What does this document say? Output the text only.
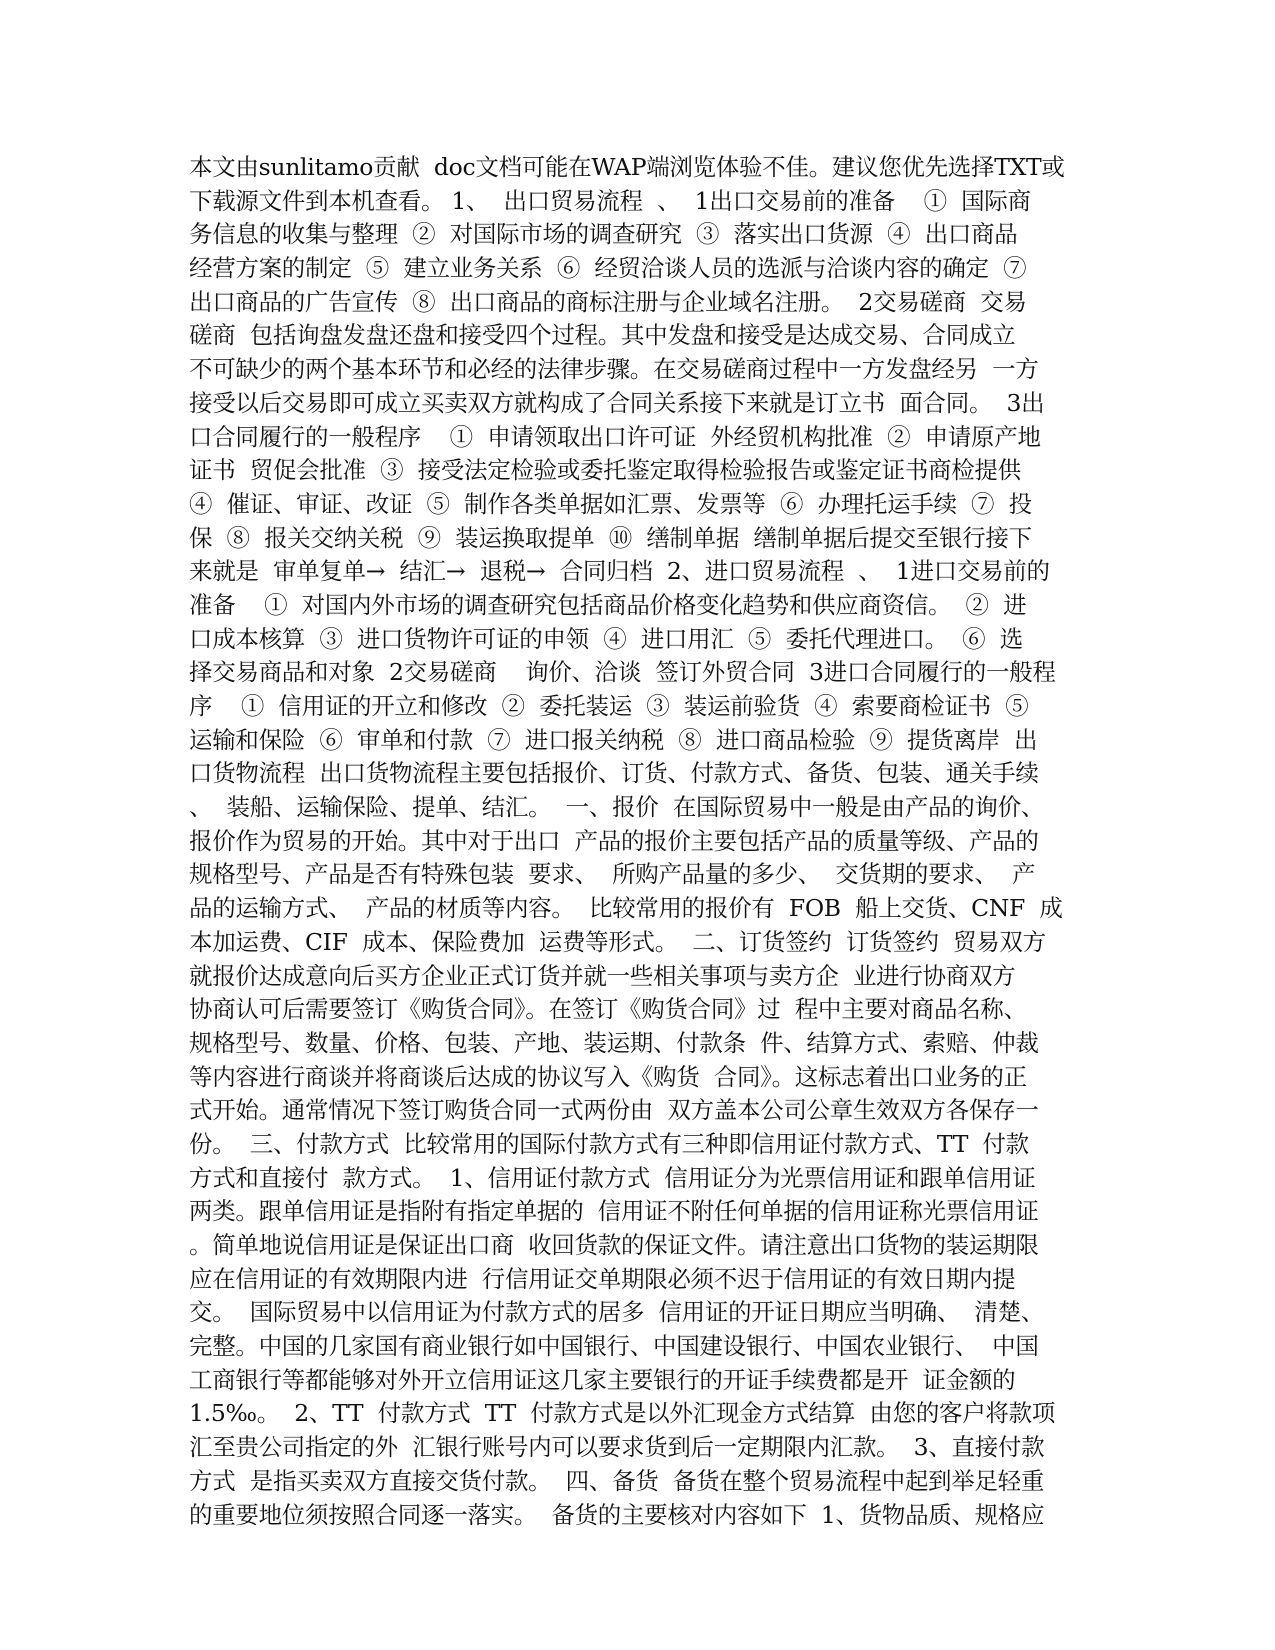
本文由sunlitamo贡献  doc文档可能在WAP端浏览体验不佳。建议您优先选择TXT或
下载源文件到本机查看。 1、  出口贸易流程  、  1出口交易前的准备    ①  国际商
务信息的收集与整理  ②  对国际市场的调查研究  ③  落实出口货源  ④  出口商品
经营方案的制定  ⑤  建立业务关系  ⑥  经贸洽谈人员的选派与洽谈内容的确定  ⑦
出口商品的广告宣传  ⑧  出口商品的商标注册与企业域名注册。  2交易磋商  交易
磋商  包括询盘发盘还盘和接受四个过程。其中发盘和接受是达成交易、合同成立
不可缺少的两个基本环节和必经的法律步骤。在交易磋商过程中一方发盘经另  一方
接受以后交易即可成立买卖双方就构成了合同关系接下来就是订立书  面合同。  3出
口合同履行的一般程序    ①  申请领取出口许可证  外经贸机构批准  ②  申请原产地
证书  贸促会批准  ③  接受法定检验或委托鉴定取得检验报告或鉴定证书商检提供
④  催证、审证、改证  ⑤  制作各类单据如汇票、发票等  ⑥  办理托运手续  ⑦  投
保  ⑧  报关交纳关税  ⑨  装运换取提单  ⑩  缮制单据  缮制单据后提交至银行接下
来就是  审单复单→  结汇→  退税→  合同归档  2、进口贸易流程  、  1进口交易前的
准备    ①  对国内外市场的调查研究包括商品价格变化趋势和供应商资信。  ②  进
口成本核算  ③  进口货物许可证的申领  ④  进口用汇  ⑤  委托代理进口。  ⑥  选
择交易商品和对象  2交易磋商    询价、洽谈  签订外贸合同  3进口合同履行的一般程
序    ①  信用证的开立和修改  ②  委托装运  ③  装运前验货  ④  索要商检证书  ⑤
运输和保险  ⑥  审单和付款  ⑦  进口报关纳税  ⑧  进口商品检验  ⑨  提货离岸  出
口货物流程  出口货物流程主要包括报价、订货、付款方式、备货、包装、通关手续
、  装船、运输保险、提单、结汇。  一、报价  在国际贸易中一般是由产品的询价、
报价作为贸易的开始。其中对于出口  产品的报价主要包括产品的质量等级、产品的
规格型号、产品是否有特殊包装  要求、  所购产品量的多少、  交货期的要求、  产
品的运输方式、  产品的材质等内容。  比较常用的报价有  FOB  船上交货、CNF  成
本加运费、CIF  成本、保险费加  运费等形式。  二、订货签约  订货签约  贸易双方
就报价达成意向后买方企业正式订货并就一些相关事项与卖方企  业进行协商双方
协商认可后需要签订《购货合同》。在签订《购货合同》过  程中主要对商品名称、
规格型号、数量、价格、包装、产地、装运期、付款条  件、结算方式、索赔、仲裁
等内容进行商谈并将商谈后达成的协议写入《购货  合同》。这标志着出口业务的正
式开始。通常情况下签订购货合同一式两份由  双方盖本公司公章生效双方各保存一
份。  三、付款方式  比较常用的国际付款方式有三种即信用证付款方式、TT  付款
方式和直接付  款方式。  1、信用证付款方式  信用证分为光票信用证和跟单信用证
两类。跟单信用证是指附有指定单据的  信用证不附任何单据的信用证称光票信用证
。简单地说信用证是保证出口商  收回货款的保证文件。请注意出口货物的装运期限
应在信用证的有效期限内进  行信用证交单期限必须不迟于信用证的有效日期内提
交。  国际贸易中以信用证为付款方式的居多  信用证的开证日期应当明确、  清楚、
完整。中国的几家国有商业银行如中国银行、中国建设银行、中国农业银行、  中国
工商银行等都能够对外开立信用证这几家主要银行的开证手续费都是开  证金额的
1.5‰。  2、TT  付款方式  TT  付款方式是以外汇现金方式结算  由您的客户将款项
汇至贵公司指定的外  汇银行账号内可以要求货到后一定期限内汇款。  3、直接付款
方式  是指买卖双方直接交货付款。  四、备货  备货在整个贸易流程中起到举足轻重
的重要地位须按照合同逐一落实。  备货的主要核对内容如下  1、货物品质、规格应
